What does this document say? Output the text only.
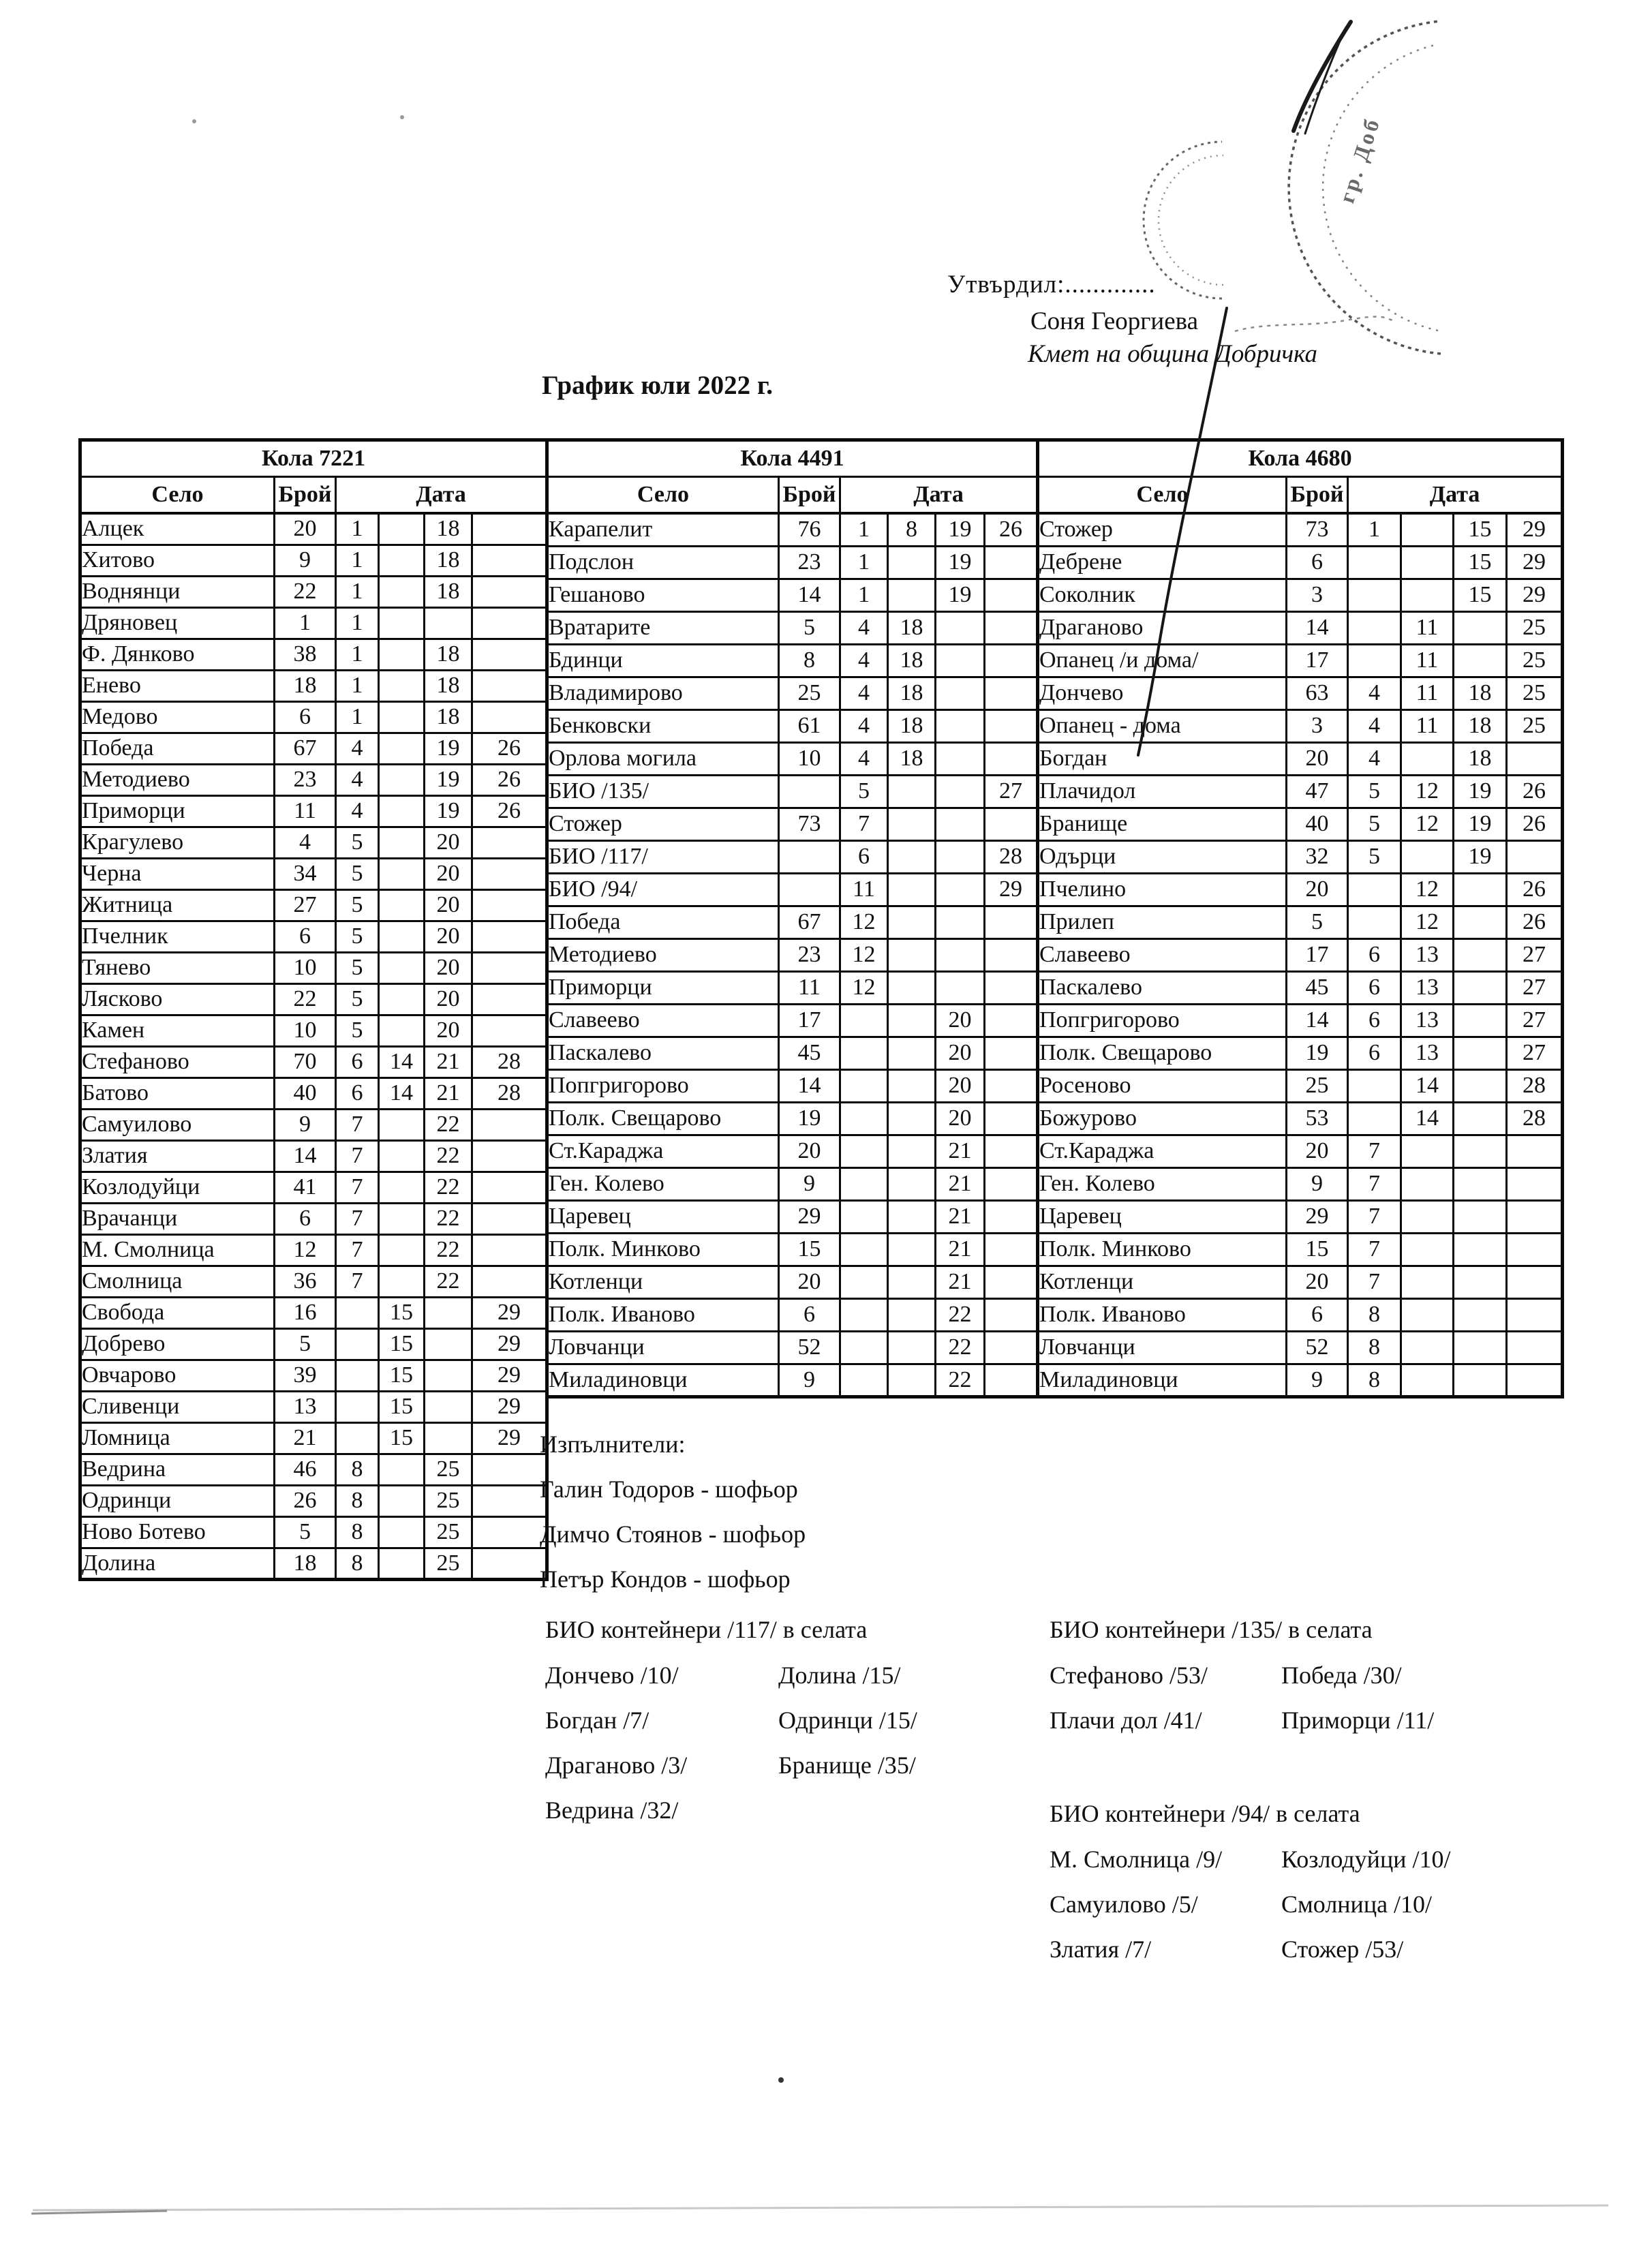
Утвърдил:.............
Соня Георгиева
Кмет на община Добричка
График юли 2022 г.
Кола 7221					
Село	Брой	Дата			
Алцек	20	1		18	
Хитово	9	1		18	
Воднянци	22	1		18	
Дряновец	1	1			
Ф. Дянково	38	1		18	
Енево	18	1		18	
Медово	6	1		18	
Победа	67	4		19	26
Методиево	23	4		19	26
Приморци	11	4		19	26
Крагулево	4	5		20	
Черна	34	5		20	
Житница	27	5		20	
Пчелник	6	5		20	
Тянево	10	5		20	
Лясково	22	5		20	
Камен	10	5		20	
Стефаново	70	6	14	21	28
Батово	40	6	14	21	28
Самуилово	9	7		22	
Златия	14	7		22	
Козлодуйци	41	7		22	
Врачанци	6	7		22	
М. Смолница	12	7		22	
Смолница	36	7		22	
Свобода	16		15		29
Добрево	5		15		29
Овчарово	39		15		29
Сливенци	13		15		29
Ломница	21		15		29
Ведрина	46	8		25	
Одринци	26	8		25	
Ново Ботево	5	8		25	
Долина	18	8		25	
Кола 4491					
Село	Брой	Дата			
Карапелит	76	1	8	19	26
Подслон	23	1		19	
Гешаново	14	1		19	
Вратарите	5	4	18		
Бдинци	8	4	18		
Владимирово	25	4	18		
Бенковски	61	4	18		
Орлова могила	10	4	18		
БИО /135/		5			27
Стожер	73	7			
БИО /117/		6			28
БИО /94/		11			29
Победа	67	12			
Методиево	23	12			
Приморци	11	12			
Славеево	17			20	
Паскалево	45			20	
Попгригорово	14			20	
Полк. Свещарово	19			20	
Ст.Караджа	20			21	
Ген. Колево	9			21	
Царевец	29			21	
Полк. Минково	15			21	
Котленци	20			21	
Полк. Иваново	6			22	
Ловчанци	52			22	
Миладиновци	9			22	
Кола 4680					
Село	Брой	Дата			
Стожер	73	1		15	29
Дебрене	6			15	29
Соколник	3			15	29
Драганово	14		11		25
Опанец /и дома/	17		11		25
Дончево	63	4	11	18	25
Опанец - дома	3	4	11	18	25
Богдан	20	4		18	
Плачидол	47	5	12	19	26
Бранище	40	5	12	19	26
Одърци	32	5		19	
Пчелино	20		12		26
Прилеп	5		12		26
Славеево	17	6	13		27
Паскалево	45	6	13		27
Попгригорово	14	6	13		27
Полк. Свещарово	19	6	13		27
Росеново	25		14		28
Божурово	53		14		28
Ст.Караджа	20	7			
Ген. Колево	9	7			
Царевец	29	7			
Полк. Минково	15	7			
Котленци	20	7			
Полк. Иваново	6	8			
Ловчанци	52	8			
Миладиновци	9	8			
Изпълнители:
Галин Тодоров - шофьор
Димчо Стоянов - шофьор
Петър Кондов - шофьор
БИО контейнери /117/ в селата
Дончево /10/
Богдан /7/
Драганово /3/
Ведрина /32/
Долина /15/
Одринци /15/
Бранище /35/
БИО контейнери /135/ в селата
Стефаново /53/
Плачи дол /41/
Победа /30/
Приморци /11/
БИО контейнери /94/ в селата
М. Смолница /9/
Самуилово /5/
Златия /7/
Козлодуйци /10/
Смолница /10/
Стожер /53/
гр. Доб
